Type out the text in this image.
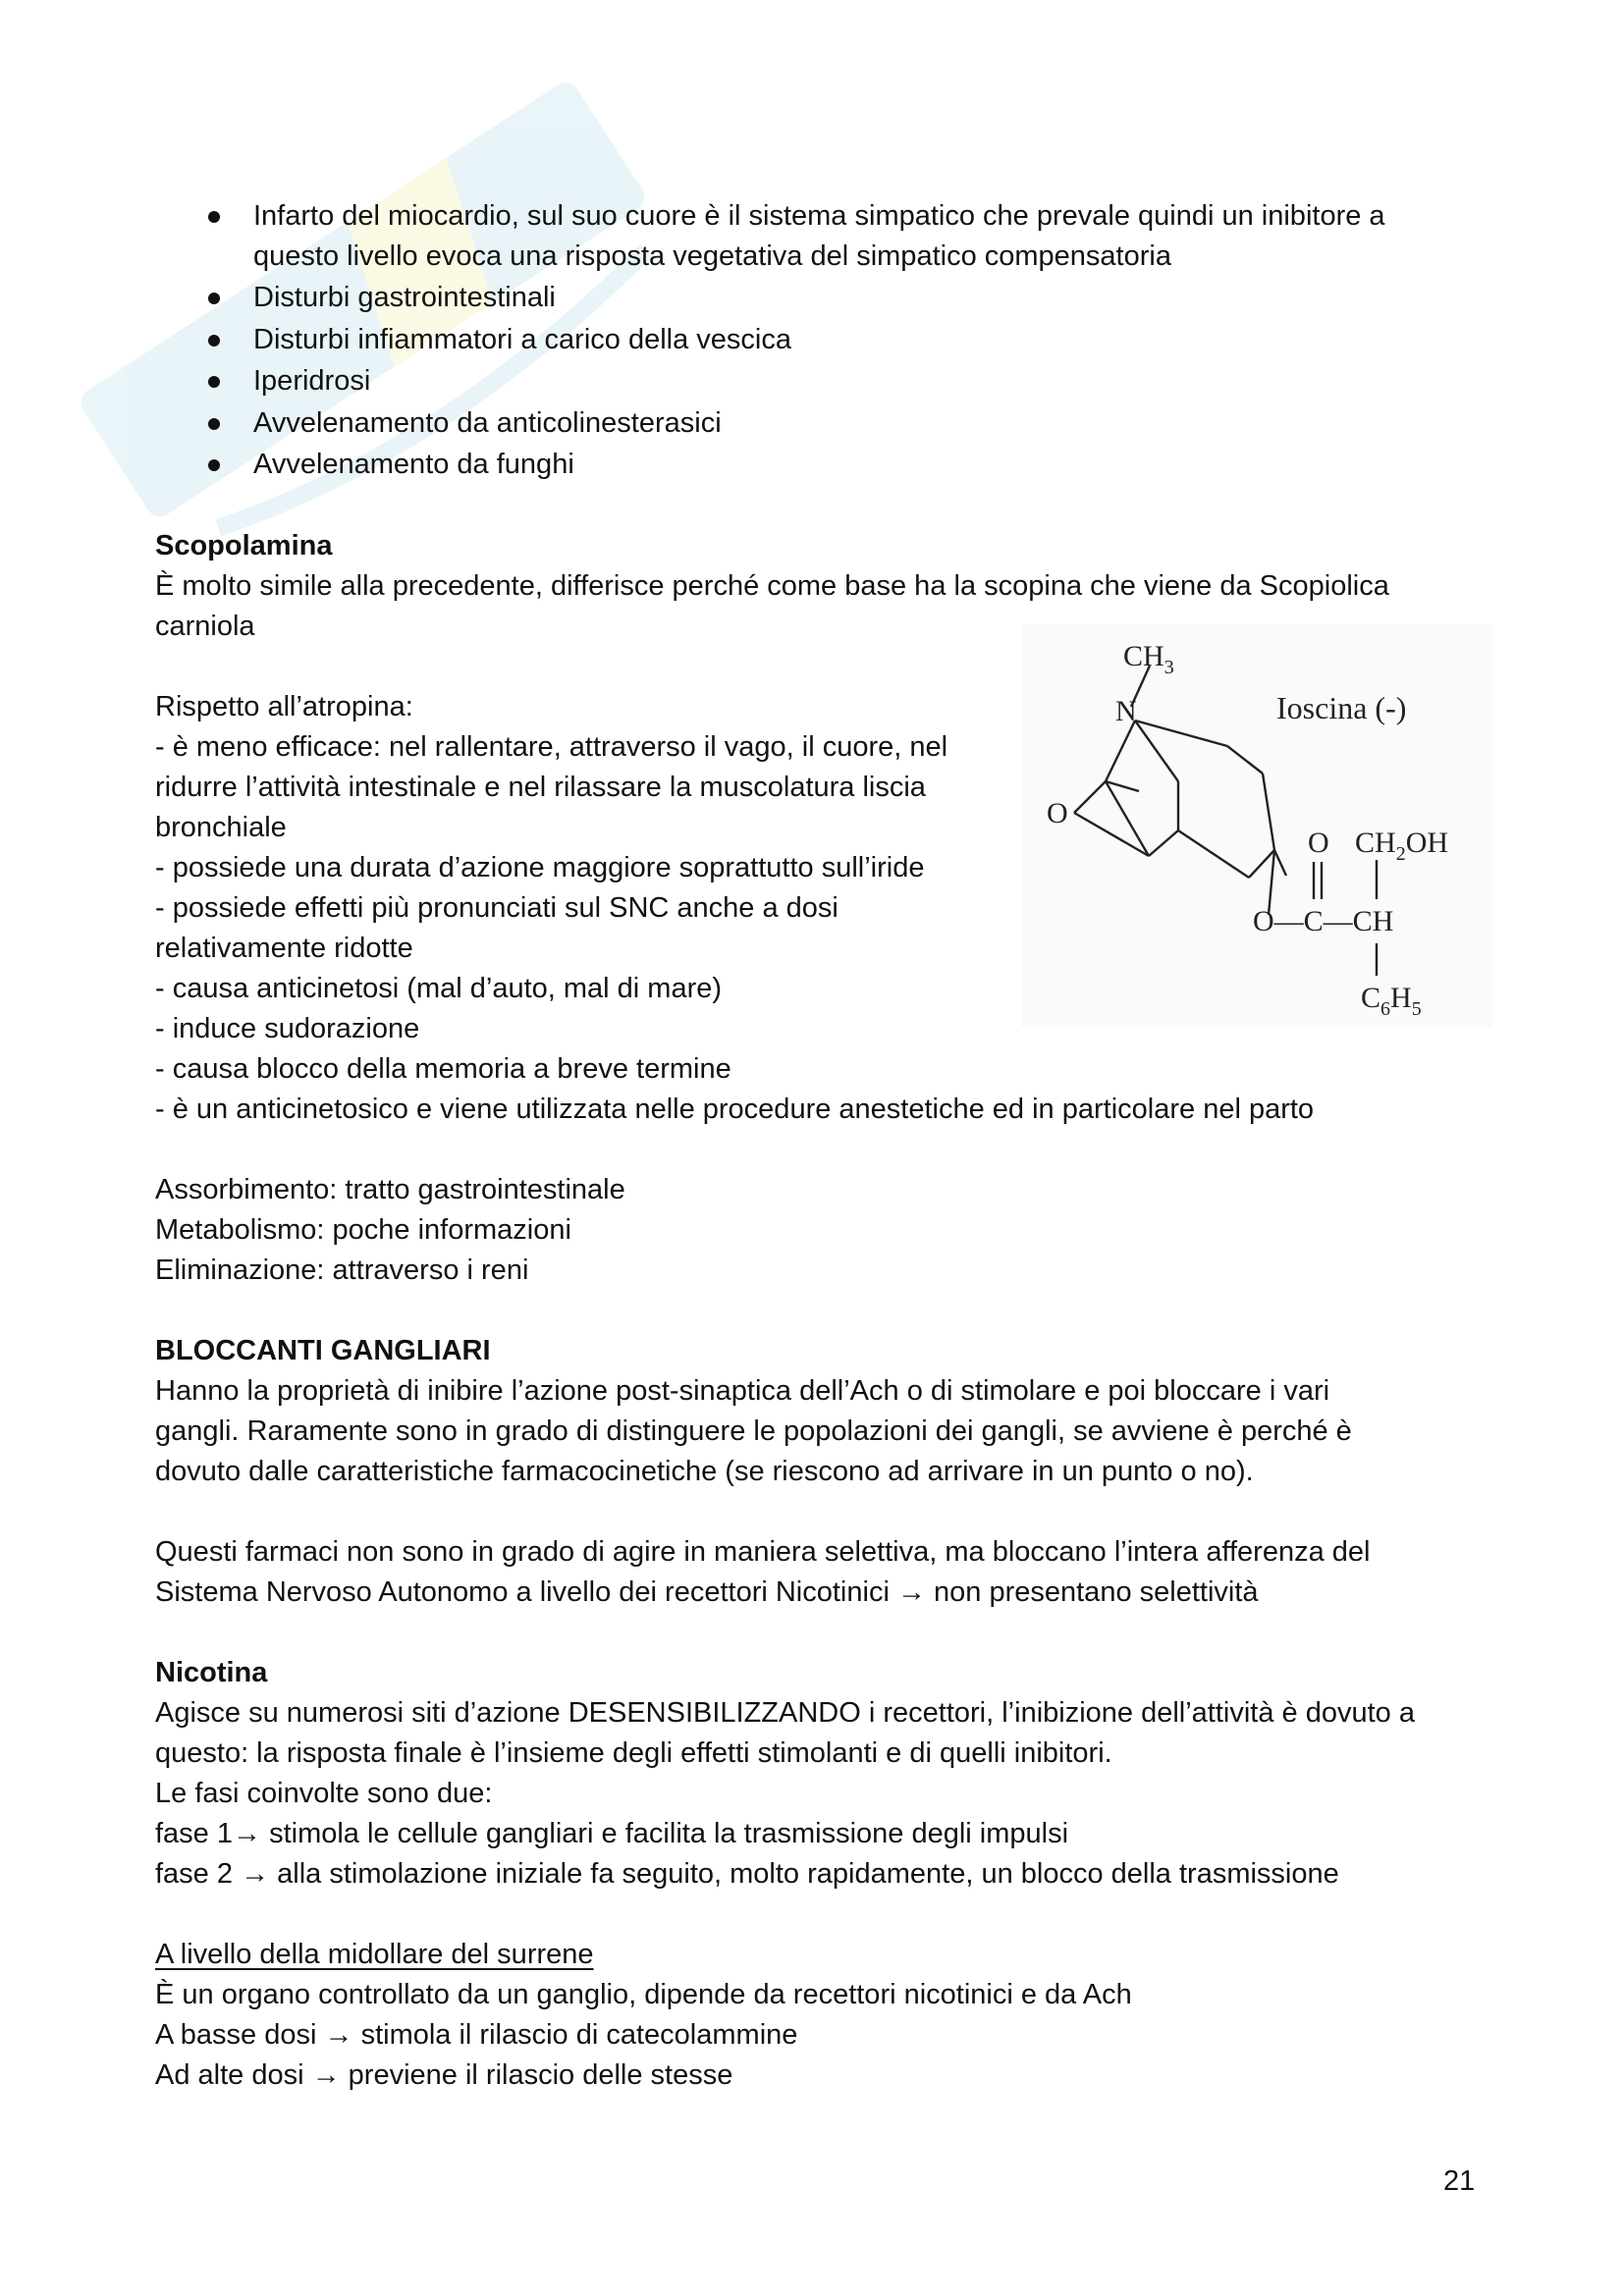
Infarto del miocardio, sul suo cuore è il sistema simpatico che prevale quindi un inibitore a
questo livello evoca una risposta vegetativa del simpatico compensatoria
Disturbi gastrointestinali
Disturbi infiammatori a carico della vescica
Iperidrosi
Avvelenamento da anticolinesterasici
Avvelenamento da funghi
Scopolamina
È molto simile alla precedente, differisce perché come base ha la scopina che viene da Scopiolica
carniola
Rispetto all’atropina:
- è meno efficace: nel rallentare, attraverso il vago, il cuore, nel
ridurre l’attività intestinale e nel rilassare la muscolatura liscia
bronchiale
- possiede una durata d’azione maggiore soprattutto sull’iride
- possiede effetti più pronunciati sul SNC anche a dosi
relativamente ridotte
- causa anticinetosi (mal d’auto, mal di mare)
- induce sudorazione
- causa blocco della memoria a breve termine
- è un anticinetosico e viene utilizzata nelle procedure anestetiche ed in particolare nel parto
Assorbimento: tratto gastrointestinale
Metabolismo: poche informazioni
Eliminazione: attraverso i reni
$CH_3$
N	Ioscina (-)
O
O $CH_2OH$
O—C—CH
$C_6H_5$
BLOCCANTI GANGLIARI
Hanno la proprietà di inibire l’azione post-sinaptica dell’Ach o di stimolare e poi bloccare i vari
gangli. Raramente sono in grado di distinguere le popolazioni dei gangli, se avviene è perché è
dovuto dalle caratteristiche farmacocinetiche (se riescono ad arrivare in un punto o no).
Questi farmaci non sono in grado di agire in maniera selettiva, ma bloccano l’intera afferenza del
Sistema Nervoso Autonomo a livello dei recettori Nicotinici → non presentano selettività
Nicotina
Agisce su numerosi siti d’azione DESENSIBILIZZANDO i recettori, l’inibizione dell’attività è dovuto a
questo: la risposta finale è l’insieme degli effetti stimolanti e di quelli inibitori.
Le fasi coinvolte sono due:
fase 1→ stimola le cellule gangliari e facilita la trasmissione degli impulsi
fase 2 → alla stimolazione iniziale fa seguito, molto rapidamente, un blocco della trasmissione
A livello della midollare del surrene
È un organo controllato da un ganglio, dipende da recettori nicotinici e da Ach
A basse dosi → stimola il rilascio di catecolammine
Ad alte dosi → previene il rilascio delle stesse
21
